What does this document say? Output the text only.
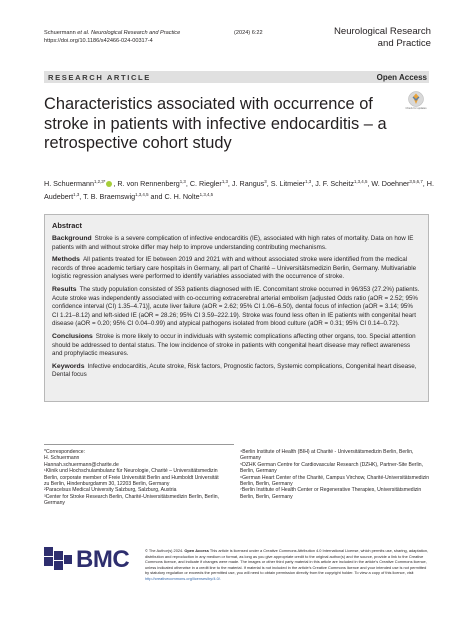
Schuermann et al. Neurological Research and Practice
https://doi.org/10.1186/s42466-024-00317-4
(2024) 6:22	Neurological Research
and Practice
RESEARCH ARTICLE	Open Access
Check for updates
Characteristics associated with occurrence of stroke in patients with infective endocarditis – a retrospective cohort study
H. Schuermann$^{1,2,3*}$ , R. von Rennenberg$^{1,3}$, C. Riegler$^{1,3}$, J. Rangus$^3$, S. Litmeier$^{1,3}$, J. F. Scheitz$^{1,3,4,5}$, W. Doehner$^{3,5,6,7}$, H. Audebert$^{1,3}$, T. B. Braemswig$^{1,3,4,5}$ and C. H. Nolte$^{1,3,4,5}$
Abstract
Background Stroke is a severe complication of infective endocarditis (IE), associated with high rates of mortality. Data on how IE patients with and without stroke differ may help to improve understanding contributing mechanisms.
Methods All patients treated for IE between 2019 and 2021 with and without associated stroke were identified from the medical records of three academic tertiary care hospitals in Germany, all part of Charité – Universitätsmedizin Berlin, Germany. Multivariable logistic regression analyses were performed to identify variables associated with the occurrence of stroke.
Results The study population consisted of 353 patients diagnosed with IE. Concomitant stroke occurred in 96/353 (27.2%) patients. Acute stroke was independently associated with co-occurring extracerebral arterial embolism [adjusted Odds ratio (aOR = 2.52; 95% confidence interval (CI) 1.35–4.71)], acute liver failure (aOR = 2.62; 95% CI 1.06–6.50), dental focus of infection (aOR = 3.14; 95% CI 1.21–8.12) and left-sided IE (aOR = 28.26; 95% CI 3.59–222.19). Stroke was found less often in IE patients with congenital heart disease (aOR = 0.20; 95% CI 0.04–0.99) and atypical pathogens isolated from blood culture (aOR = 0.31; 95% CI 0.14–0.72).
Conclusions Stroke is more likely to occur in individuals with systemic complications affecting other organs, too. Special attention should be addressed to dental status. The low incidence of stroke in patients with congenital heart disease may reflect awareness and prophylactic measures.
Keywords Infective endocarditis, Acute stroke, Risk factors, Prognostic factors, Systemic complications, Congenital heart disease, Dental focus
*Correspondence:
H. Schuermann
Hannah.schuermann@charite.de
¹Klinik und Hochschulambulanz für Neurologie, Charité – Universitätsmedizin Berlin, corporate member of Freie Universität Berlin and Humboldt Universität zu Berlin, Hindenburgdamm 30, 12203 Berlin, Germany
²Paracelsus Medical University Salzburg, Salzburg, Austria
³Center for Stroke Research Berlin, Charité-Universitätsmedizin Berlin, Berlin, Germany
⁴Berlin Institute of Health (BIH) at Charité - Universitätsmedizin Berlin, Berlin, Germany
⁵DZHK German Centre for Cardiovascular Research (DZHK), Partner-Site Berlin, Berlin, Germany
⁶German Heart Center of the Charité, Campus Virchow, Charité-Universitätsmedizin Berlin, Berlin, Germany
⁷Berlin Institute of Health Center or Regenerative Therapies, Universitätsmedizin Berlin, Berlin, Germany
BMC	© The Author(s) 2024. Open Access This article is licensed under a Creative Commons Attribution 4.0 International License, which permits use, sharing, adaptation, distribution and reproduction in any medium or format, as long as you give appropriate credit to the original author(s) and the source, provide a link to the Creative Commons licence, and indicate if changes were made. The images or other third party material in this article are included in the article's Creative Commons licence, unless indicated otherwise in a credit line to the material. If material is not included in the article's Creative Commons licence and your intended use is not permitted by statutory regulation or exceeds the permitted use, you will need to obtain permission directly from the copyright holder. To view a copy of this licence, visit http://creativecommons.org/licenses/by/4.0/.
